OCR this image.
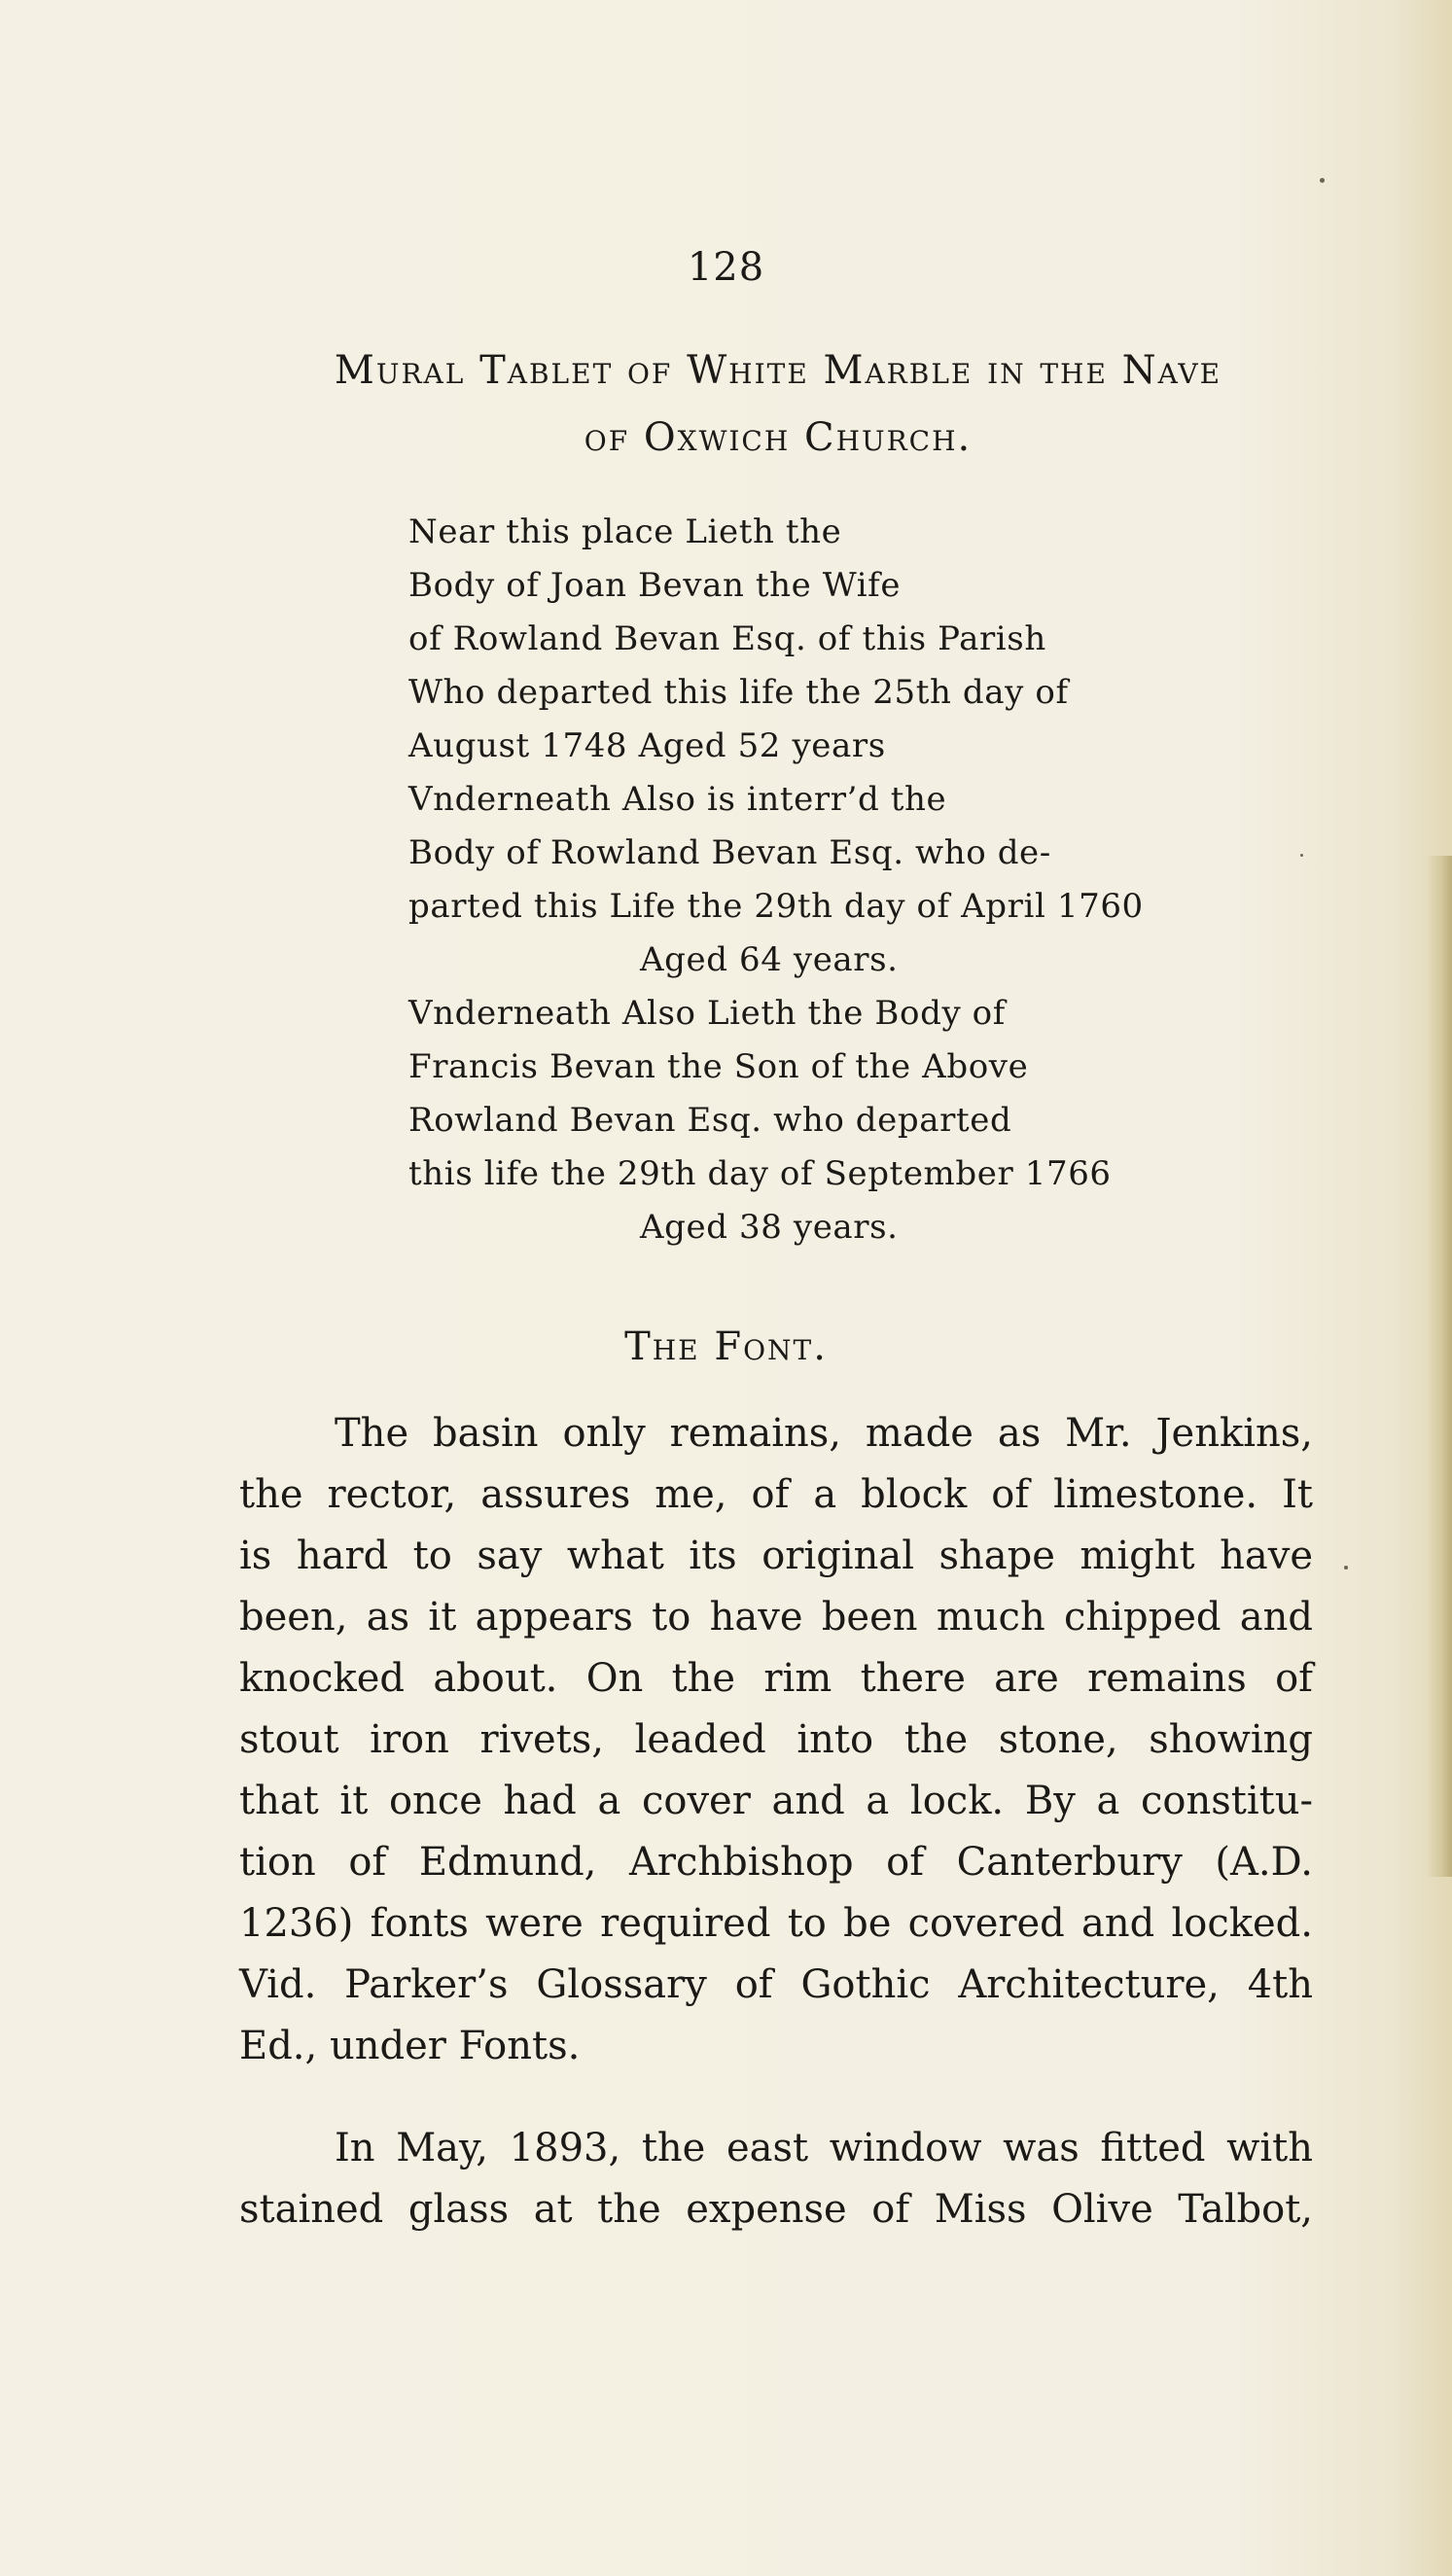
128
Mural Tablet of White Marble in the Nave
of Oxwich Church.
Near this place Lieth the
Body of Joan Bevan the Wife
of Rowland Bevan Esq. of this Parish
Who departed this life the 25th day of
August 1748 Aged 52 years
Vnderneath Also is interr’d the
Body of Rowland Bevan Esq. who de-
parted this Life the 29th day of April 1760
Aged 64 years.
Vnderneath Also Lieth the Body of
Francis Bevan the Son of the Above
Rowland Bevan Esq. who departed
this life the 29th day of September 1766
Aged 38 years.
The Font.
The basin only remains, made as Mr. Jenkins,
the rector, assures me, of a block of limestone. It
is hard to say what its original shape might have
been, as it appears to have been much chipped and
knocked about. On the rim there are remains of
stout iron rivets, leaded into the stone, showing
that it once had a cover and a lock. By a constitu-
tion of Edmund, Archbishop of Canterbury (A.D.
1236) fonts were required to be covered and locked.
Vid. Parker’s Glossary of Gothic Architecture, 4th
Ed., under Fonts.
In May, 1893, the east window was fitted with
stained glass at the expense of Miss Olive Talbot,
